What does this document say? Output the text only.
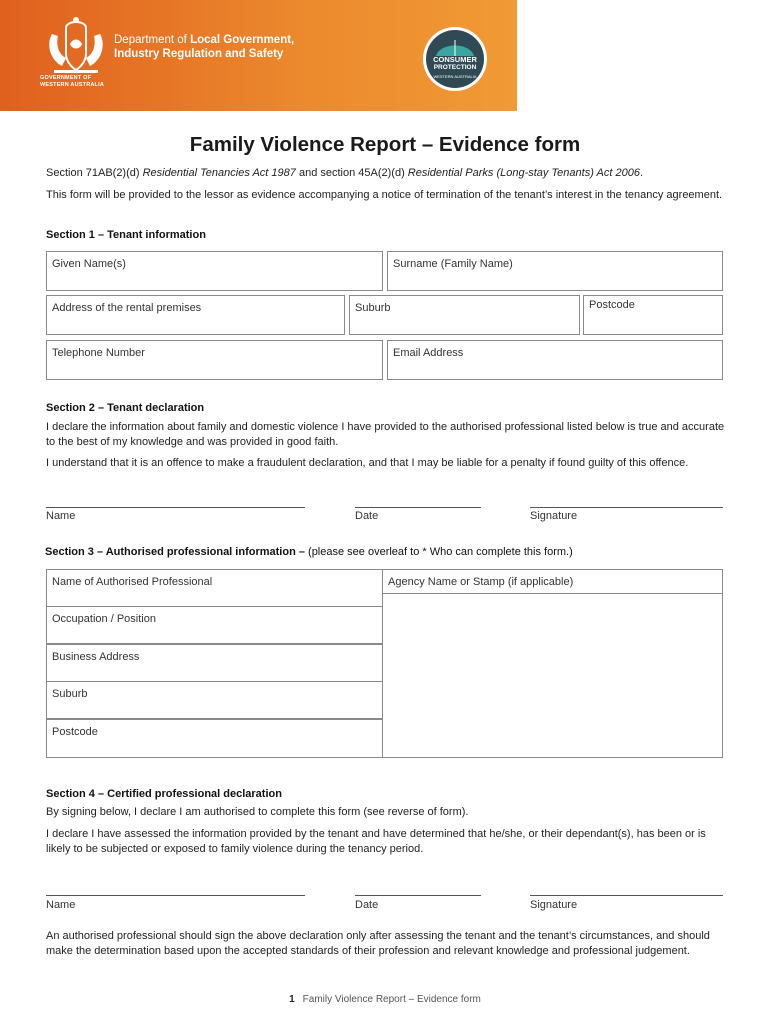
GOVERNMENT OF
WESTERN AUSTRALIA
Department of Local Government,
Industry Regulation and Safety	CONSUMER
PROTECTION
WESTERN AUSTRALIA
Family Violence Report – Evidence form
Section 71AB(2)(d) Residential Tenancies Act 1987 and section 45A(2)(d) Residential Parks (Long-stay Tenants) Act 2006.
This form will be provided to the lessor as evidence accompanying a notice of termination of the tenant’s interest in the tenancy agreement.
Section 1 – Tenant information
Given Name(s)	Surname (Family Name)
Address of the rental premises	Suburb	Postcode
Telephone Number	Email Address
Section 2 – Tenant declaration
I declare the information about family and domestic violence I have provided to the authorised professional listed below is true and accurate to the best of my knowledge and was provided in good faith.
I understand that it is an offence to make a fraudulent declaration, and that I may be liable for a penalty if found guilty of this offence.
Name	Date	Signature
Section 3 – Authorised professional information – (please see overleaf to * Who can complete this form.)
Name of Authorised Professional	Agency Name or Stamp (if applicable)
Occupation / Position
Business Address
Suburb
Postcode
Section 4 – Certified professional declaration
By signing below, I declare I am authorised to complete this form (see reverse of form).
I declare I have assessed the information provided by the tenant and have determined that he/she, or their dependant(s), has been or is likely to be subjected or exposed to family violence during the tenancy period.
Name	Date	Signature
An authorised professional should sign the above declaration only after assessing the tenant and the tenant’s circumstances, and should make the determination based upon the accepted standards of their profession and relevant knowledge and professional judgement.
1 Family Violence Report – Evidence form
